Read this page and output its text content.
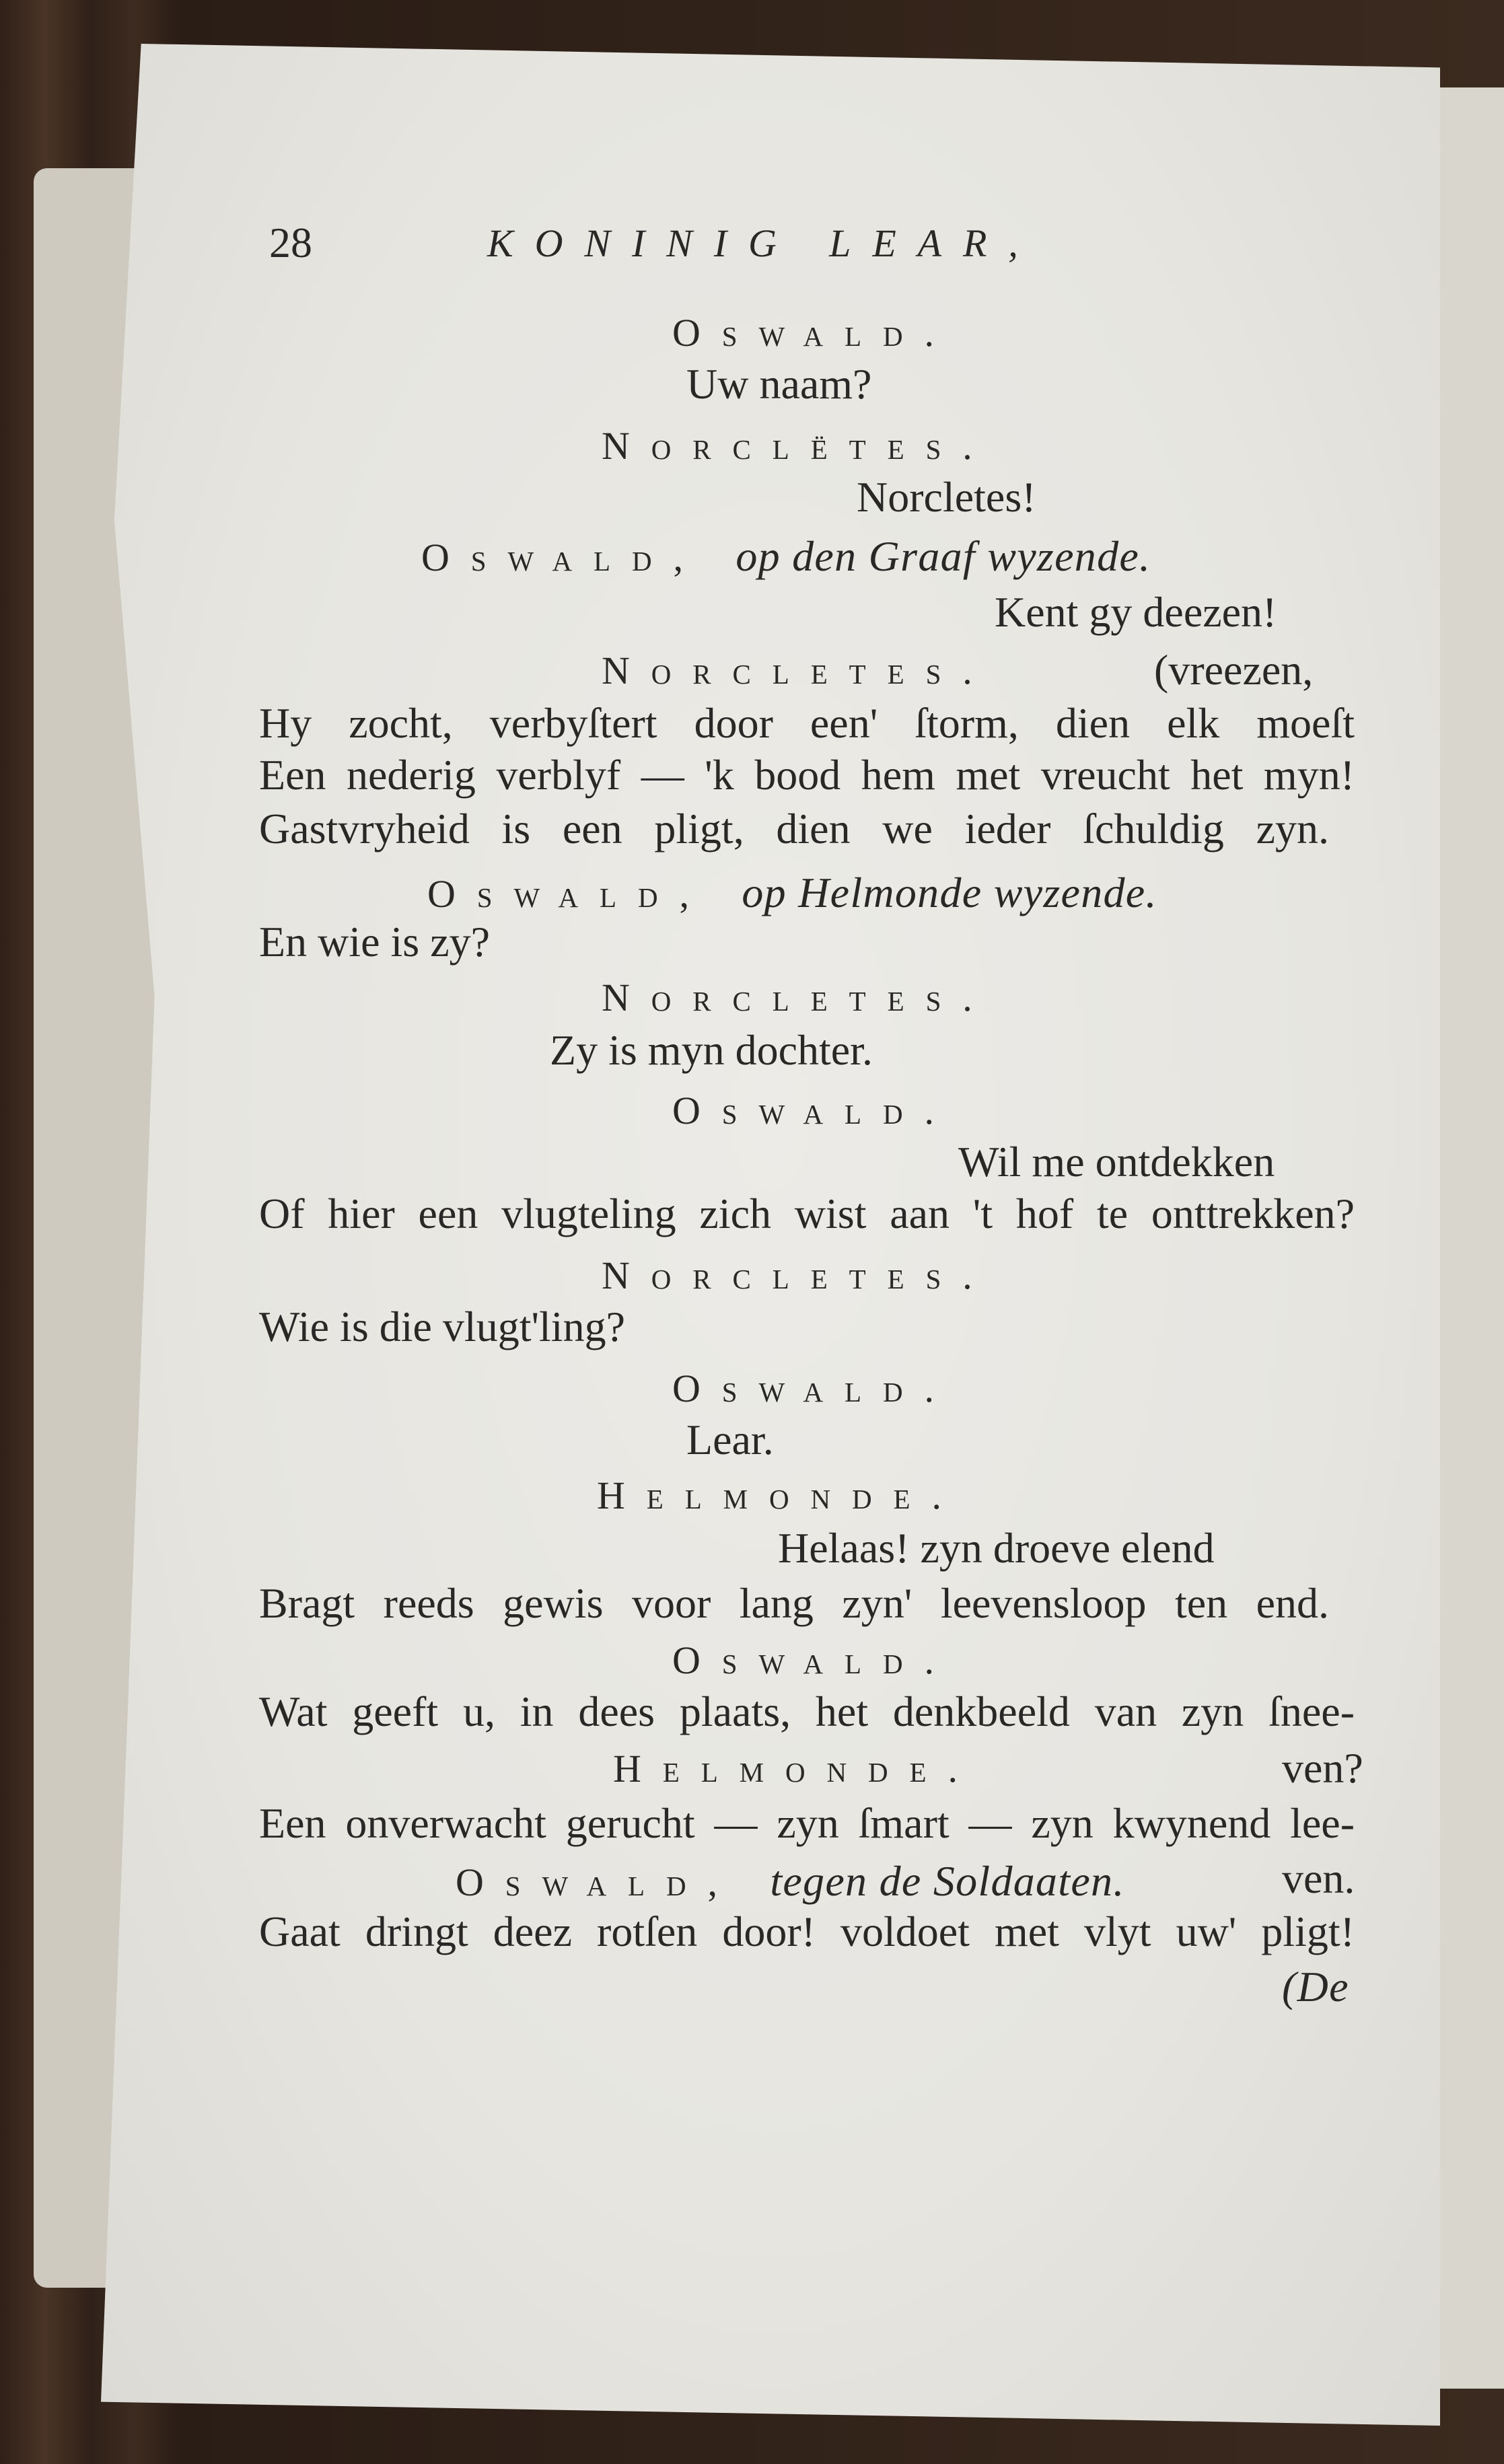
28	KONINIG LEAR,
Oswald.
Uw naam?
Norclëtes.
Norcletes!
Oswald, op den Graaf wyzende.
Kent gy deezen!
Norcletes.	(vreezen,
Hy zocht, verbyſtert door een' ſtorm, dien elk moeſt
Een nederig verblyf — 'k bood hem met vreucht het myn!
Gastvryheid is een pligt, dien we ieder ſchuldig zyn.
Oswald, op Helmonde wyzende.
En wie is zy?
Norcletes.
Zy is myn dochter.
Oswald.
Wil me ontdekken
Of hier een vlugteling zich wist aan 't hof te onttrekken?
Norcletes.
Wie is die vlugt'ling?
Oswald.
Lear.
Helmonde.
Helaas! zyn droeve elend
Bragt reeds gewis voor lang zyn' leevensloop ten end.
Oswald.
Wat geeft u, in dees plaats, het denkbeeld van zyn ſnee-
Helmonde.	ven?
Een onverwacht gerucht — zyn ſmart — zyn kwynend lee-
Oswald, tegen de Soldaaten.	ven.
Gaat dringt deez rotſen door! voldoet met vlyt uw' pligt!
(De
